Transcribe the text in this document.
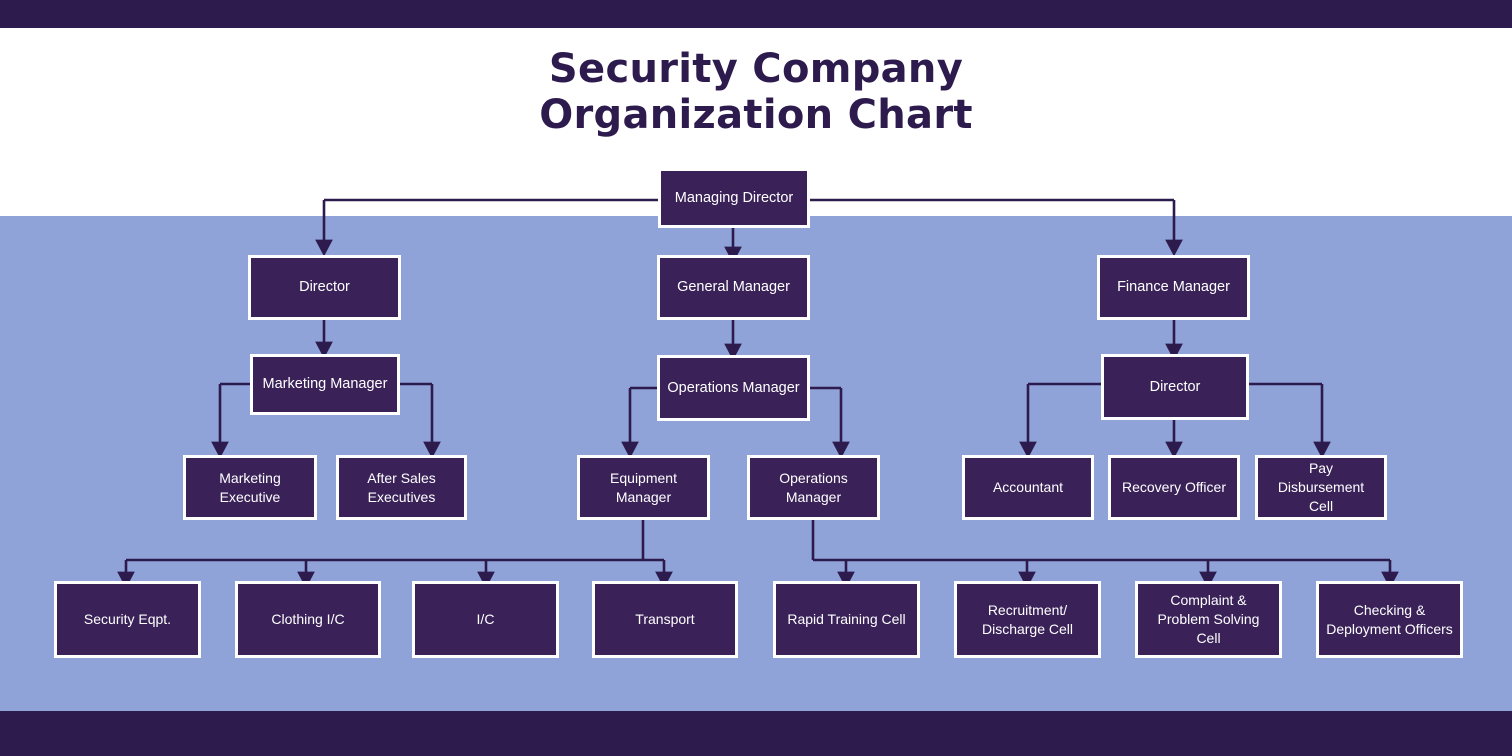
Security Company
Organization Chart
Managing Director
Director	General Manager	Finance Manager
Marketing Manager	Operations Manager	Director
Marketing Executive
After Sales Executives
Equipment Manager
Operations Manager
Accountant	Recovery Officer
Pay Disbursement Cell
Security Eqpt.	Clothing I/C	I/C	Transport	Rapid Training Cell
Recruitment/ Discharge Cell
Complaint & Problem Solving Cell
Checking & Deployment Officers
